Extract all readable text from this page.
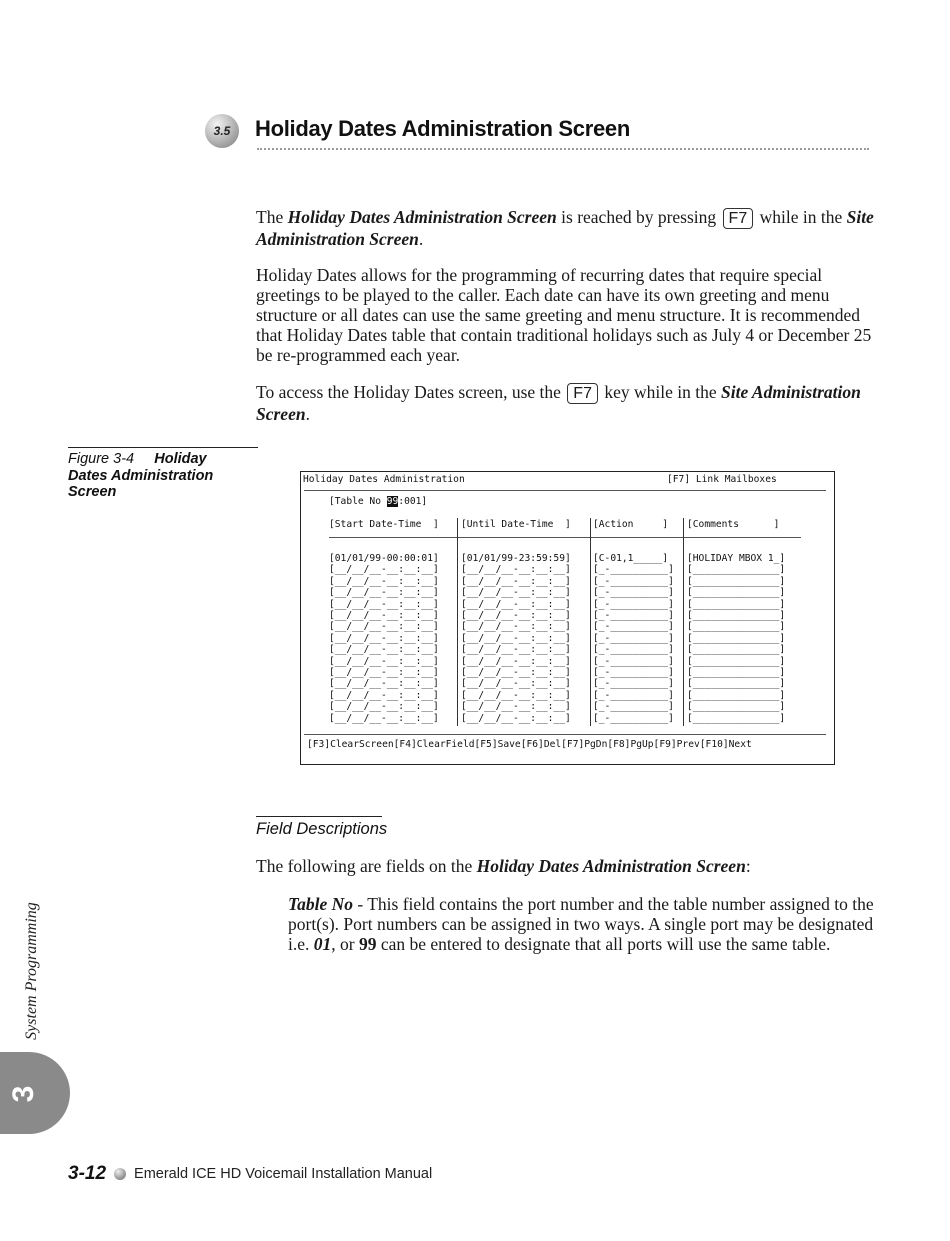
3.5 Holiday Dates Administration Screen
The Holiday Dates Administration Screen is reached by pressing F7 while in the Site Administration Screen.
Holiday Dates allows for the programming of recurring dates that require special greetings to be played to the caller. Each date can have its own greeting and menu structure or all dates can use the same greeting and menu structure. It is recommended that Holiday Dates table that contain traditional holidays such as July 4 or December 25 be re-programmed each year.
To access the Holiday Dates screen, use the F7 key while in the Site Administration Screen.
Figure 3-4 Holiday Dates Administration Screen
Holiday Dates Administration	[F7] Link Mailboxes
[Table No 99:001]
[Start Date-Time  ] [Until Date-Time  ] [Action     ] [Comments      ]
[01/01/99-00:00:01] [01/01/99-23:59:59] [C-01,1_____] [HOLIDAY MBOX 1_]
[__/__/__-__:__:__] [__/__/__-__:__:__] [_-__________] [_______________]
[__/__/__-__:__:__] [__/__/__-__:__:__] [_-__________] [_______________]
[__/__/__-__:__:__] [__/__/__-__:__:__] [_-__________] [_______________]
[__/__/__-__:__:__] [__/__/__-__:__:__] [_-__________] [_______________]
[__/__/__-__:__:__] [__/__/__-__:__:__] [_-__________] [_______________]
[__/__/__-__:__:__] [__/__/__-__:__:__] [_-__________] [_______________]
[__/__/__-__:__:__] [__/__/__-__:__:__] [_-__________] [_______________]
[__/__/__-__:__:__] [__/__/__-__:__:__] [_-__________] [_______________]
[__/__/__-__:__:__] [__/__/__-__:__:__] [_-__________] [_______________]
[__/__/__-__:__:__] [__/__/__-__:__:__] [_-__________] [_______________]
[__/__/__-__:__:__] [__/__/__-__:__:__] [_-__________] [_______________]
[__/__/__-__:__:__] [__/__/__-__:__:__] [_-__________] [_______________]
[__/__/__-__:__:__] [__/__/__-__:__:__] [_-__________] [_______________]
[__/__/__-__:__:__] [__/__/__-__:__:__] [_-__________] [_______________]
[F3]ClearScreen[F4]ClearField[F5]Save[F6]Del[F7]PgDn[F8]PgUp[F9]Prev[F10]Next
Field Descriptions
The following are fields on the Holiday Dates Administration Screen:
Table No - This field contains the port number and the table number assigned to the port(s). Port numbers can be assigned in two ways. A single port may be designated i.e. 01, or 99 can be entered to designate that all ports will use the same table.
System Programming
3
3-12 Emerald ICE HD Voicemail Installation Manual
